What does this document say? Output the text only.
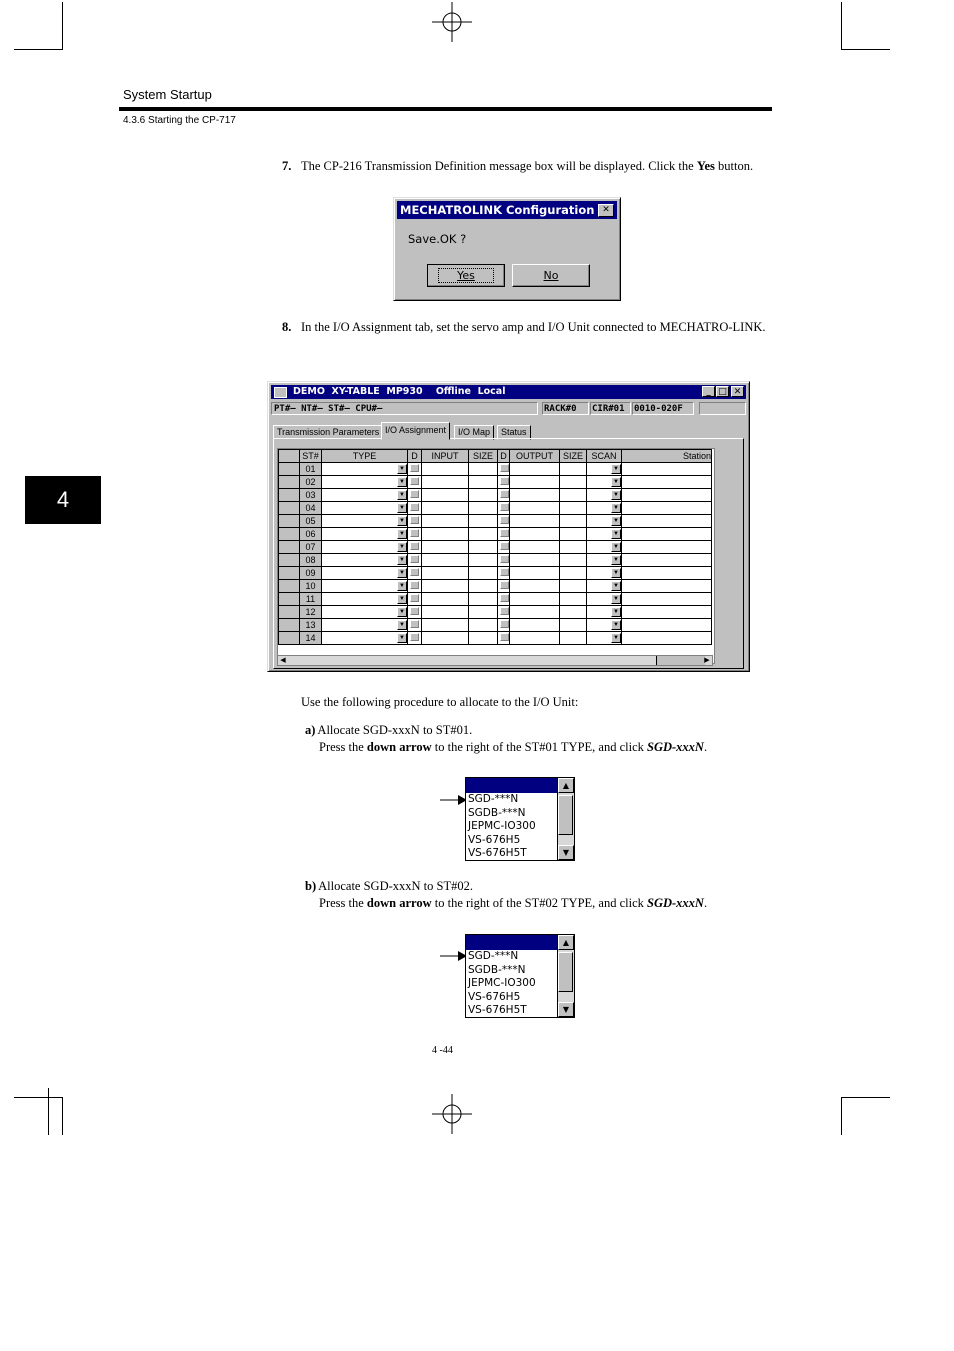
System Startup
4.3.6 Starting the CP-717
4
7. The CP-216 Transmission Definition message box will be displayed. Click the Yes button.
MECHATROLINK Configuration ✕
Save.OK ?
Yes	No
8. In the I/O Assignment tab, set the servo amp and I/O Unit connected to MECHATRO-LINK.
DEMO  XY-TABLE  MP930    Offline  Local	_ □ ✕
PT#– NT#– ST#– CPU#–	RACK#0	CIR#01	0010-020F
Transmission Parameters I/O Assignment	I/O Map	Status
	ST#	TYPE	D	INPUT	SIZE	D	OUTPUT	SIZE	SCAN	Station
	01	▼							▼	

	02	▼							▼	

	03	▼							▼	

	04	▼							▼	

	05	▼							▼	

	06	▼							▼	

	07	▼							▼	

	08	▼							▼	

	09	▼							▼	

	10	▼							▼	

	11	▼							▼	

	12	▼							▼	

	13	▼							▼	

	14	▼							▼	

◀	▶
Use the following procedure to allocate to the I/O Unit:
a) Allocate SGD-xxxN to ST#01.
Press the down arrow to the right of the ST#01 TYPE, and click SGD-xxxN.
SGD-***N
SGDB-***N
JEPMC-IO300
VS-676H5
VS-676H5T
▲
▼
b) Allocate SGD-xxxN to ST#02.
Press the down arrow to the right of the ST#02 TYPE, and click SGD-xxxN.
SGD-***N
SGDB-***N
JEPMC-IO300
VS-676H5
VS-676H5T
▲
▼
4 -44
